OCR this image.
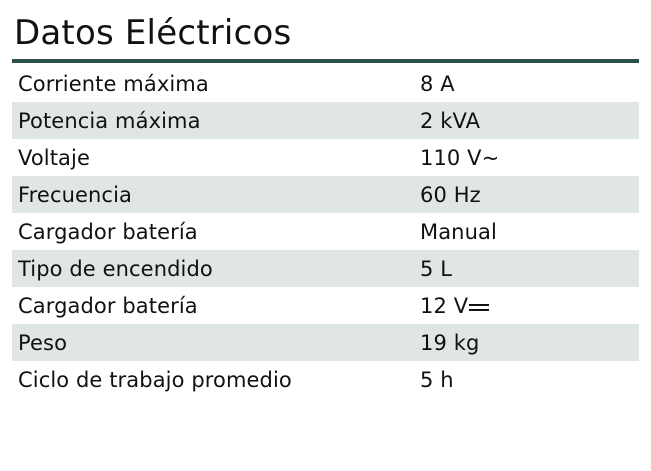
Datos Eléctricos
Corriente máxima	8 A
Potencia máxima	2 kVA
Voltaje	110 V~
Frecuencia	60 Hz
Cargador batería	Manual
Tipo de encendido	5 L
Cargador batería	12 V

Peso	19 kg
Ciclo de trabajo promedio	5 h
